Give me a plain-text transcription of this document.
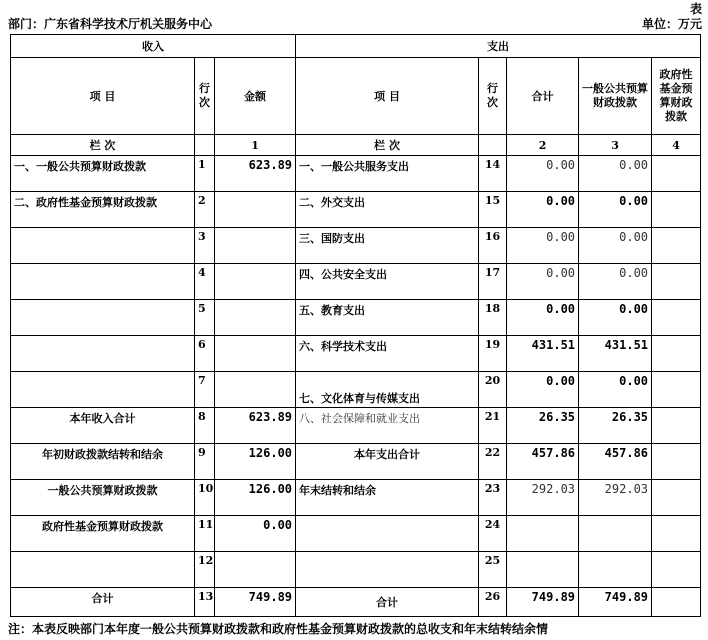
表
部门：广东省科学技术厅机关服务中心	单位：万元
收入			支出				
项 目	行次	金额	项 目	行次	合计	一般公共预算财政拨款	政府性基金预算财政拨款
栏 次		1	栏 次		2	3	4
一、一般公共预算财政拨款	1	623.89	一、一般公共服务支出	14	0.00	0.00	
二、政府性基金预算财政拨款	2		二、外交支出	15	0.00	0.00	
	3		三、国防支出	16	0.00	0.00	
	4		四、公共安全支出	17	0.00	0.00	
	5		五、教育支出	18	0.00	0.00	
	6		六、科学技术支出	19	431.51	431.51	
	7		七、文化体育与传媒支出	20	0.00	0.00	
本年收入合计	8	623.89	八、社会保障和就业支出	21	26.35	26.35	
年初财政拨款结转和结余	9	126.00	本年支出合计	22	457.86	457.86	
一般公共预算财政拨款	10	126.00	年末结转和结余	23	292.03	292.03	
政府性基金预算财政拨款	11	0.00		24			
	12			25			
合计	13	749.89	合计	26	749.89	749.89	
注：本表反映部门本年度一般公共预算财政拨款和政府性基金预算财政拨款的总收支和年末结转结余情
